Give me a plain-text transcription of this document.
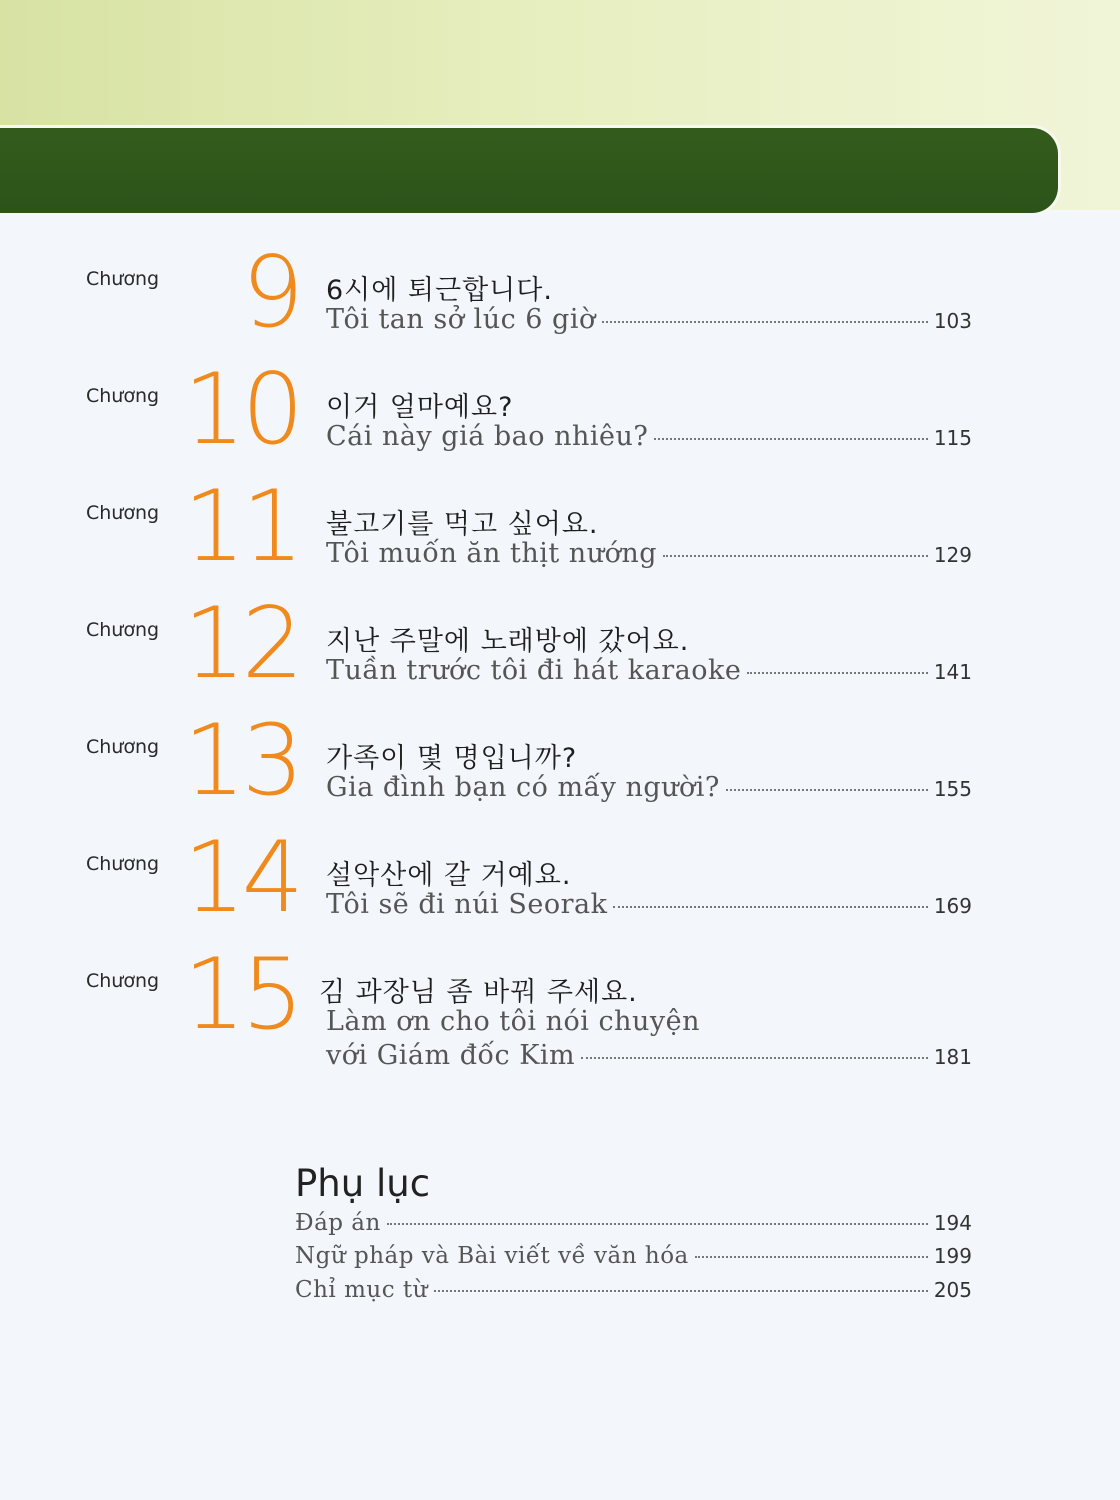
Chương 9 6시에 퇴근합니다.
Tôi tan sở lúc 6 giờ	103
Chương 10 이거 얼마예요?
Cái này giá bao nhiêu?	115
Chương 11 불고기를 먹고 싶어요.
Tôi muốn ăn thịt nướng	129
Chương 12 지난 주말에 노래방에 갔어요.
Tuần trước tôi đi hát karaoke	141
Chương 13 가족이 몇 명입니까?
Gia đình bạn có mấy người?	155
Chương 14 설악산에 갈 거예요.
Tôi sẽ đi núi Seorak	169
Chương 15 김 과장님 좀 바꿔 주세요.
Làm ơn cho tôi nói chuyện
với Giám đốc Kim	181
Phụ lục
Đáp án	194
Ngữ pháp và Bài viết về văn hóa	199
Chỉ mục từ	205
